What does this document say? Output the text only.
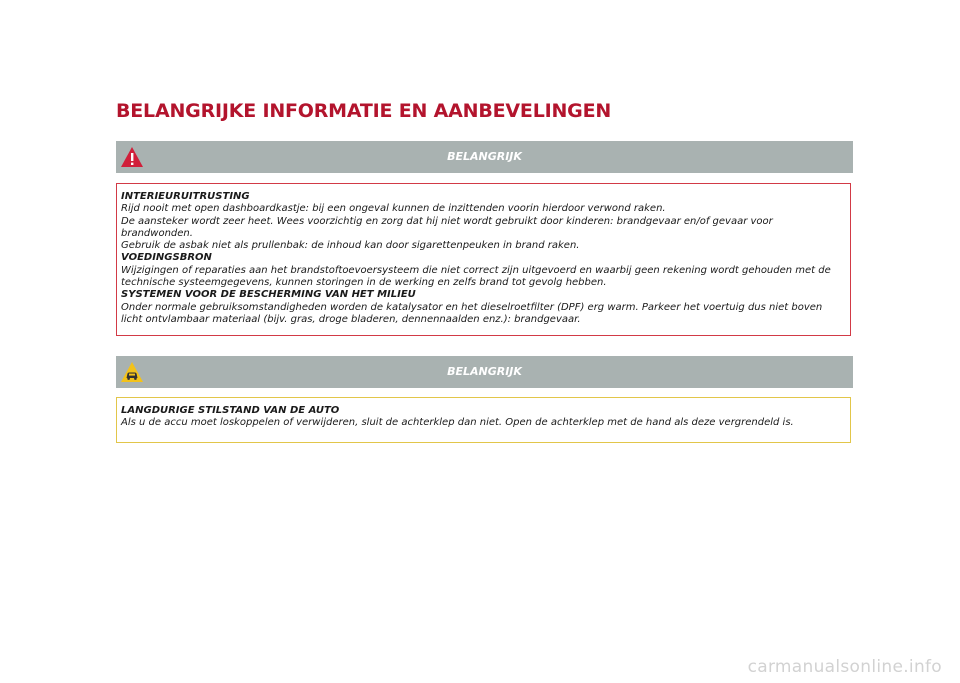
BELANGRIJKE INFORMATIE EN AANBEVELINGEN
BELANGRIJK
INTERIEURUITRUSTING

Rijd nooit met open dashboardkastje: bij een ongeval kunnen de inzittenden voorin hierdoor verwond raken.

De aansteker wordt zeer heet. Wees voorzichtig en zorg dat hij niet wordt gebruikt door kinderen: brandgevaar en/of gevaar voor brandwonden.

Gebruik de asbak niet als prullenbak: de inhoud kan door sigarettenpeuken in brand raken.

VOEDINGSBRON

Wijzigingen of reparaties aan het brandstoftoevoersysteem die niet correct zijn uitgevoerd en waarbij geen rekening wordt gehouden met de technische systeemgegevens, kunnen storingen in de werking en zelfs brand tot gevolg hebben.

SYSTEMEN VOOR DE BESCHERMING VAN HET MILIEU

Onder normale gebruiksomstandigheden worden de katalysator en het dieselroetfilter (DPF) erg warm. Parkeer het voertuig dus niet boven licht ontvlambaar materiaal (bijv. gras, droge bladeren, dennennaalden enz.): brandgevaar.

BELANGRIJK
LANGDURIGE STILSTAND VAN DE AUTO

Als u de accu moet loskoppelen of verwijderen, sluit de achterklep dan niet. Open de achterklep met de hand als deze vergrendeld is.

carmanualsonline.info
